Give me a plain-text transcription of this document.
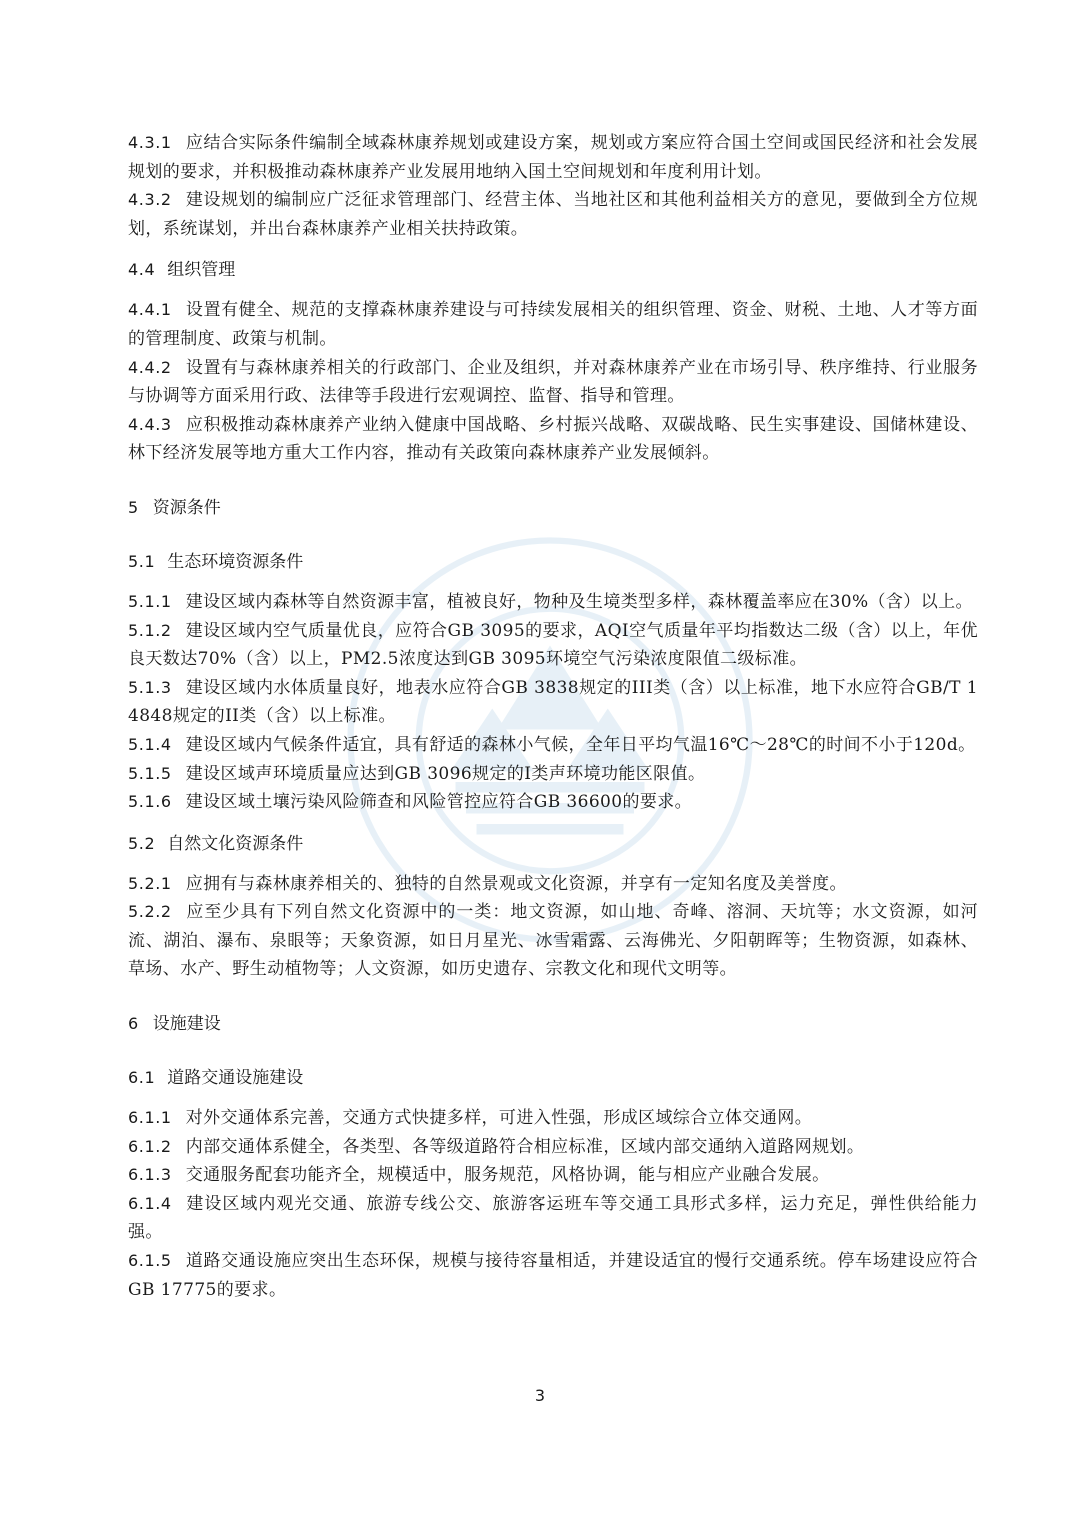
4.3.1 应结合实际条件编制全域森林康养规划或建设方案，规划或方案应符合国土空间或国民经济和社会发展规划的要求，并积极推动森林康养产业发展用地纳入国土空间规划和年度利用计划。

4.3.2 建设规划的编制应广泛征求管理部门、经营主体、当地社区和其他利益相关方的意见，要做到全方位规划，系统谋划，并出台森林康养产业相关扶持政策。

4.4 组织管理

4.4.1 设置有健全、规范的支撑森林康养建设与可持续发展相关的组织管理、资金、财税、土地、人才等方面的管理制度、政策与机制。

4.4.2 设置有与森林康养相关的行政部门、企业及组织，并对森林康养产业在市场引导、秩序维持、行业服务与协调等方面采用行政、法律等手段进行宏观调控、监督、指导和管理。

4.4.3 应积极推动森林康养产业纳入健康中国战略、乡村振兴战略、双碳战略、民生实事建设、国储林建设、林下经济发展等地方重大工作内容，推动有关政策向森林康养产业发展倾斜。

5 资源条件

5.1 生态环境资源条件

5.1.1 建设区域内森林等自然资源丰富，植被良好，物种及生境类型多样，森林覆盖率应在30%（含）以上。

5.1.2 建设区域内空气质量优良，应符合GB 3095的要求，AQI空气质量年平均指数达二级（含）以上，年优良天数达70%（含）以上，PM2.5浓度达到GB 3095环境空气污染浓度限值二级标准。

5.1.3 建设区域内水体质量良好，地表水应符合GB 3838规定的III类（含）以上标准，地下水应符合GB/T 14848规定的II类（含）以上标准。

5.1.4 建设区域内气候条件适宜，具有舒适的森林小气候，全年日平均气温16℃～28℃的时间不小于120d。

5.1.5 建设区域声环境质量应达到GB 3096规定的Ⅰ类声环境功能区限值。

5.1.6 建设区域土壤污染风险筛查和风险管控应符合GB 36600的要求。

5.2 自然文化资源条件

5.2.1 应拥有与森林康养相关的、独特的自然景观或文化资源，并享有一定知名度及美誉度。

5.2.2 应至少具有下列自然文化资源中的一类：地文资源，如山地、奇峰、溶洞、天坑等；水文资源，如河流、湖泊、瀑布、泉眼等；天象资源，如日月星光、冰雪霜露、云海佛光、夕阳朝晖等；生物资源，如森林、草场、水产、野生动植物等；人文资源，如历史遗存、宗教文化和现代文明等。

6 设施建设

6.1 道路交通设施建设

6.1.1 对外交通体系完善，交通方式快捷多样，可进入性强，形成区域综合立体交通网。

6.1.2 内部交通体系健全，各类型、各等级道路符合相应标准，区域内部交通纳入道路网规划。

6.1.3 交通服务配套功能齐全，规模适中，服务规范，风格协调，能与相应产业融合发展。

6.1.4 建设区域内观光交通、旅游专线公交、旅游客运班车等交通工具形式多样，运力充足，弹性供给能力强。

6.1.5 道路交通设施应突出生态环保，规模与接待容量相适，并建设适宜的慢行交通系统。停车场建设应符合GB 17775的要求。

3
